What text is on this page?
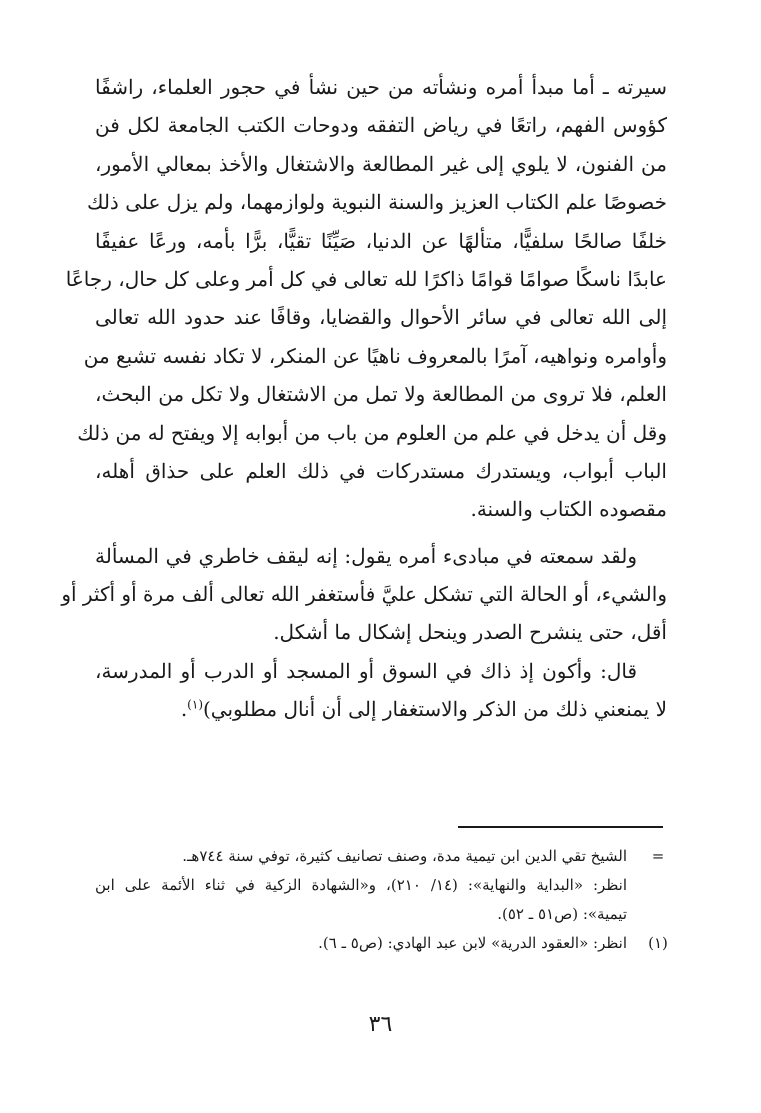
سيرته ـ أما مبدأ أمره ونشأته من حين نشأ في حجور العلماء، راشفًا
كؤوس الفهم، راتعًا في رياض التفقه ودوحات الكتب الجامعة لكل فن
من الفنون، لا يلوي إلى غير المطالعة والاشتغال والأخذ بمعالي الأمور،
خصوصًا علم الكتاب العزيز والسنة النبوية ولوازمهما، ولم يزل على ذلك
خلفًا صالحًا سلفيًّا، متألهًا عن الدنيا، صَيِّنًا تقيًّا، برًّا بأمه، ورعًا عفيفًا
عابدًا ناسكًا صوامًا قوامًا ذاكرًا لله تعالى في كل أمر وعلى كل حال، رجاعًا
إلى الله تعالى في سائر الأحوال والقضايا، وقافًا عند حدود الله تعالى
وأوامره ونواهيه، آمرًا بالمعروف ناهيًا عن المنكر، لا تكاد نفسه تشبع من
العلم، فلا تروى من المطالعة ولا تمل من الاشتغال ولا تكل من البحث،
وقل أن يدخل في علم من العلوم من باب من أبوابه إلا ويفتح له من ذلك
الباب أبواب، ويستدرك مستدركات في ذلك العلم على حذاق أهله،
مقصوده الكتاب والسنة.
ولقد سمعته في مبادىء أمره يقول: إنه ليقف خاطري في المسألة
والشيء، أو الحالة التي تشكل عليَّ فأستغفر الله تعالى ألف مرة أو أكثر أو
أقل، حتى ينشرح الصدر وينحل إشكال ما أشكل.
قال: وأكون إذ ذاك في السوق أو المسجد أو الدرب أو المدرسة،
لا يمنعني ذلك من الذكر والاستغفار إلى أن أنال مطلوبي)$^{(١)}$.
=
الشيخ تقي الدين ابن تيمية مدة، وصنف تصانيف كثيرة، توفي سنة ٧٤٤هـ.
انظر: «البداية والنهاية»: (١٤/ ٢١٠)، و«الشهادة الزكية في ثناء الأئمة على ابن
تيمية»: (ص٥١ ـ ٥٢).
(١)
انظر: «العقود الدرية» لابن عبد الهادي: (ص٥ ـ ٦).
٣٦
